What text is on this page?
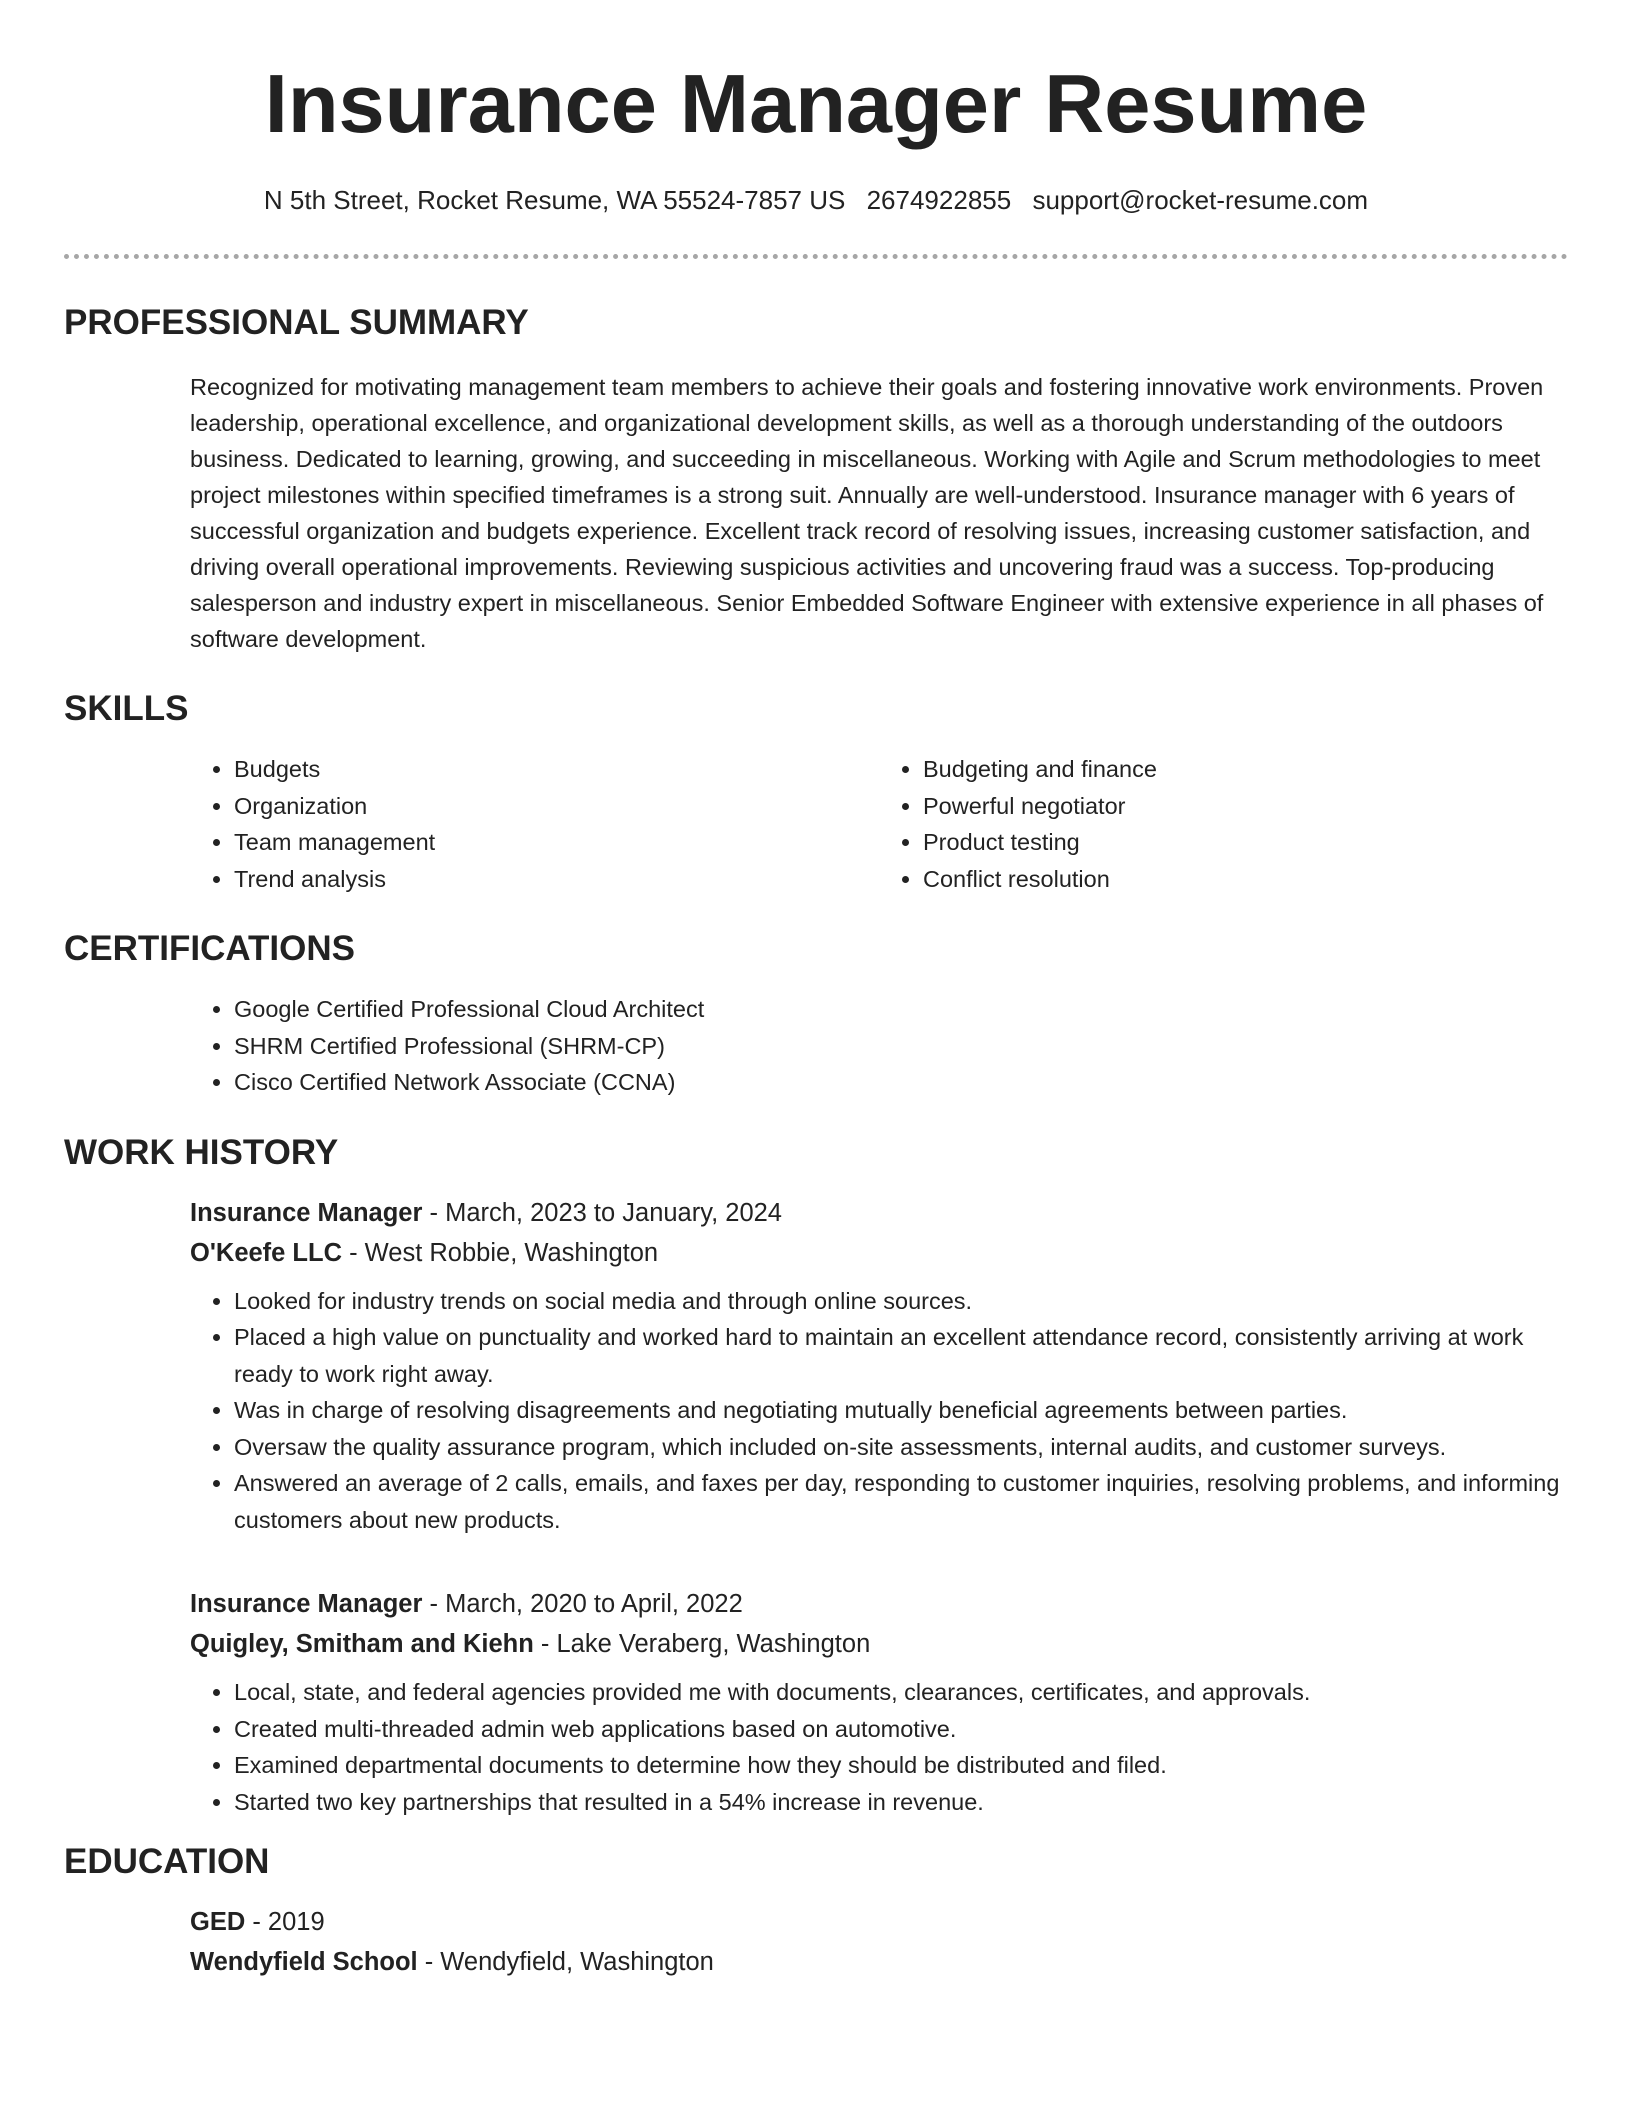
Insurance Manager Resume
N 5th Street, Rocket Resume, WA 55524-7857 US 2674922855 support@rocket-resume.com
PROFESSIONAL SUMMARY

Recognized for motivating management team members to achieve their goals and fostering innovative work environments. Proven leadership, operational excellence, and organizational development skills, as well as a thorough understanding of the outdoors business. Dedicated to learning, growing, and succeeding in miscellaneous. Working with Agile and Scrum methodologies to meet project milestones within specified timeframes is a strong suit. Annually are well-understood. Insurance manager with 6 years of successful organization and budgets experience. Excellent track record of resolving issues, increasing customer satisfaction, and driving overall operational improvements. Reviewing suspicious activities and uncovering fraud was a success. Top-producing salesperson and industry expert in miscellaneous. Senior Embedded Software Engineer with extensive experience in all phases of software development.

SKILLS
• Budgets
• Organization
• Team management
• Trend analysis
• Budgeting and finance
• Powerful negotiator
• Product testing
• Conflict resolution
CERTIFICATIONS
• Google Certified Professional Cloud Architect
• SHRM Certified Professional (SHRM-CP)
• Cisco Certified Network Associate (CCNA)
WORK HISTORY
Insurance Manager - March, 2023 to January, 2024
O'Keefe LLC - West Robbie, Washington
• Looked for industry trends on social media and through online sources.
• Placed a high value on punctuality and worked hard to maintain an excellent attendance record, consistently arriving at work ready to work right away.
• Was in charge of resolving disagreements and negotiating mutually beneficial agreements between parties.
• Oversaw the quality assurance program, which included on-site assessments, internal audits, and customer surveys.
• Answered an average of 2 calls, emails, and faxes per day, responding to customer inquiries, resolving problems, and informing customers about new products.
Insurance Manager - March, 2020 to April, 2022
Quigley, Smitham and Kiehn - Lake Veraberg, Washington
• Local, state, and federal agencies provided me with documents, clearances, certificates, and approvals.
• Created multi-threaded admin web applications based on automotive.
• Examined departmental documents to determine how they should be distributed and filed.
• Started two key partnerships that resulted in a 54% increase in revenue.
EDUCATION
GED - 2019
Wendyfield School - Wendyfield, Washington
